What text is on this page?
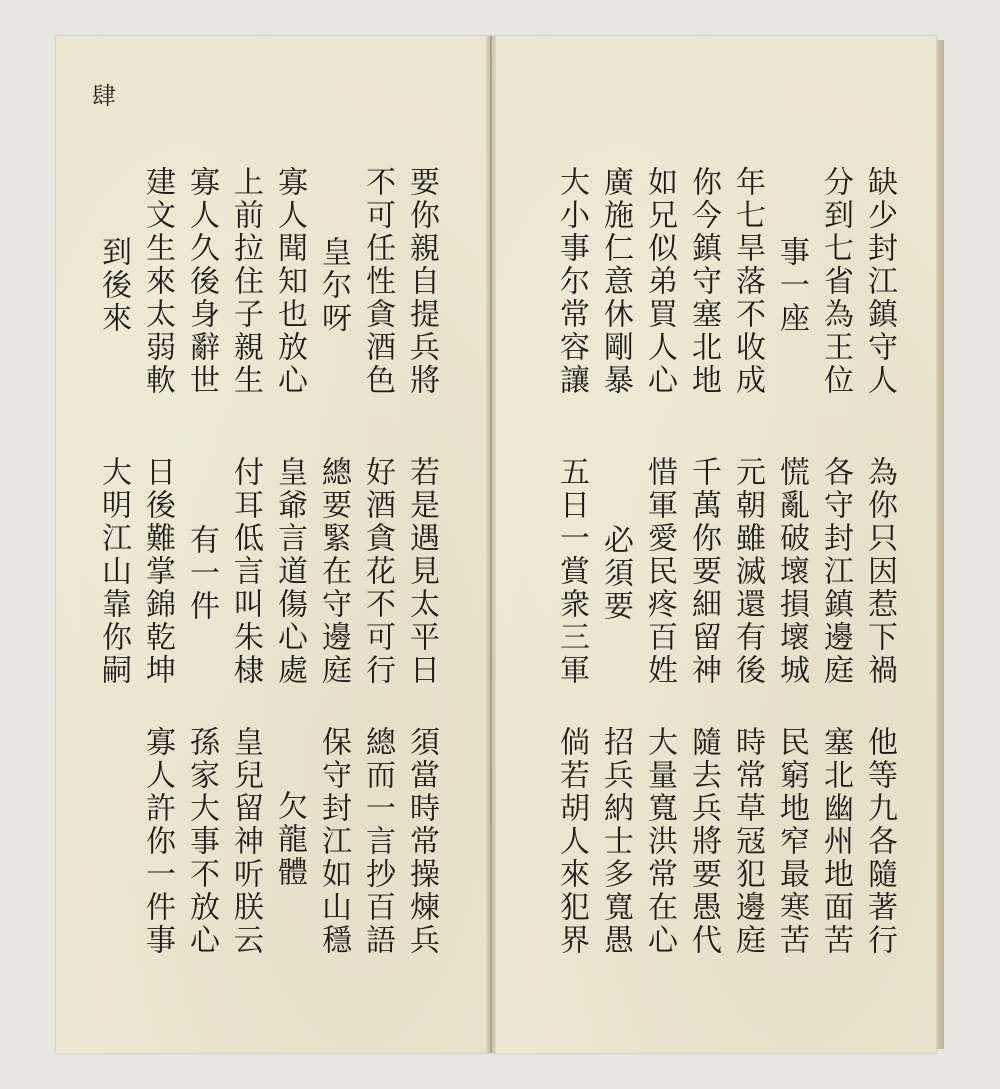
肆
要你親自提兵將
不可任性貪酒色
皇尔呀
寡人聞知也放心
上前拉住子親生
寡人久後身辭世
建文生來太弱軟
到後來
若是遇見太平日
好酒貪花不可行
總要緊在守邊庭
皇爺言道傷心處
付耳低言叫朱棣
有一件
日後難掌錦乾坤
大明江山靠你嗣
須當時常操煉兵
總而一言抄百語
保守封江如山穩
欠龍體
皇兒留神听朕云
孫家大事不放心
寡人許你一件事
缺少封江鎮守人
分到七省為王位
事一座
年七旱落不收成
你今鎮守塞北地
如兄似弟買人心
廣施仁意休剛暴
大小事尔常容讓
為你只因惹下禍
各守封江鎮邊庭
慌亂破壞損壞城
元朝雖滅還有後
千萬你要細留神
惜軍愛民疼百姓
必須要
五日一賞衆三軍
他等九各隨著行
塞北幽州地面苦
民窮地窄最寒苦
時常草冦犯邊庭
隨去兵將要愚代
大量寬洪常在心
招兵納士多寬愚
倘若胡人來犯界
